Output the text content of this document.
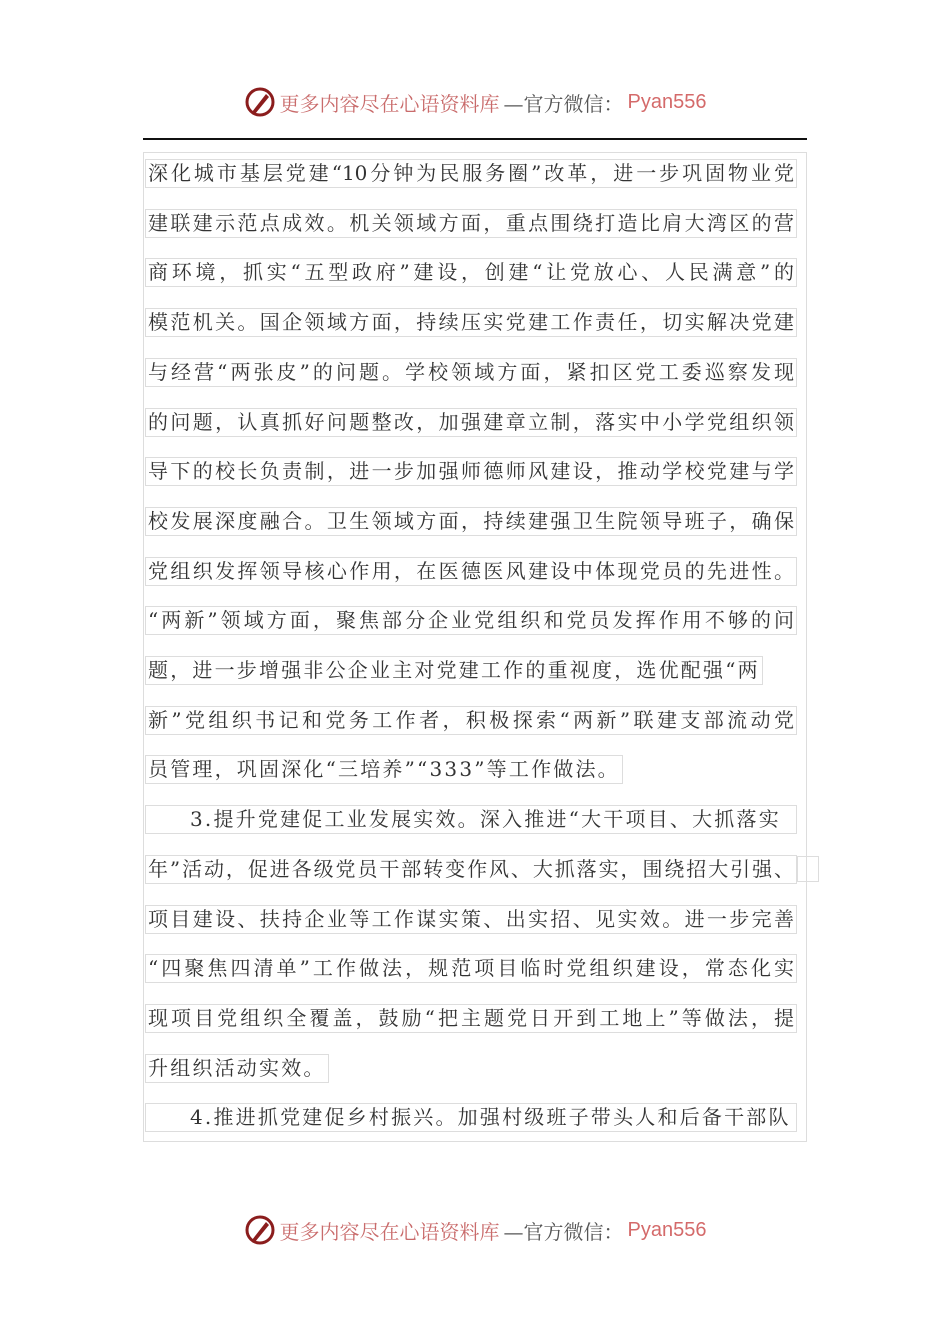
更多内容尽在心语资料库 —官方微信： Pyan556
深化城市基层党建“10分钟为民服务圈”改革，进一步巩固物业党
建联建示范点成效。机关领域方面，重点围绕打造比肩大湾区的营
商环境，抓实“五型政府”建设，创建“让党放心、人民满意”的
模范机关。国企领域方面，持续压实党建工作责任，切实解决党建
与经营“两张皮”的问题。学校领域方面，紧扣区党工委巡察发现
的问题，认真抓好问题整改，加强建章立制，落实中小学党组织领
导下的校长负责制，进一步加强师德师风建设，推动学校党建与学
校发展深度融合。卫生领域方面，持续建强卫生院领导班子，确保
党组织发挥领导核心作用，在医德医风建设中体现党员的先进性。
“两新”领域方面，聚焦部分企业党组织和党员发挥作用不够的问
题，进一步增强非公企业主对党建工作的重视度，选优配强“两
新”党组织书记和党务工作者，积极探索“两新”联建支部流动党
员管理，巩固深化“三培养”“333”等工作做法。
3.提升党建促工业发展实效。深入推进“大干项目、大抓落实
年”活动，促进各级党员干部转变作风、大抓落实，围绕招大引强、
项目建设、扶持企业等工作谋实策、出实招、见实效。进一步完善
“四聚焦四清单”工作做法，规范项目临时党组织建设，常态化实
现项目党组织全覆盖，鼓励“把主题党日开到工地上”等做法，提
升组织活动实效。
4.推进抓党建促乡村振兴。加强村级班子带头人和后备干部队
更多内容尽在心语资料库 —官方微信： Pyan556
